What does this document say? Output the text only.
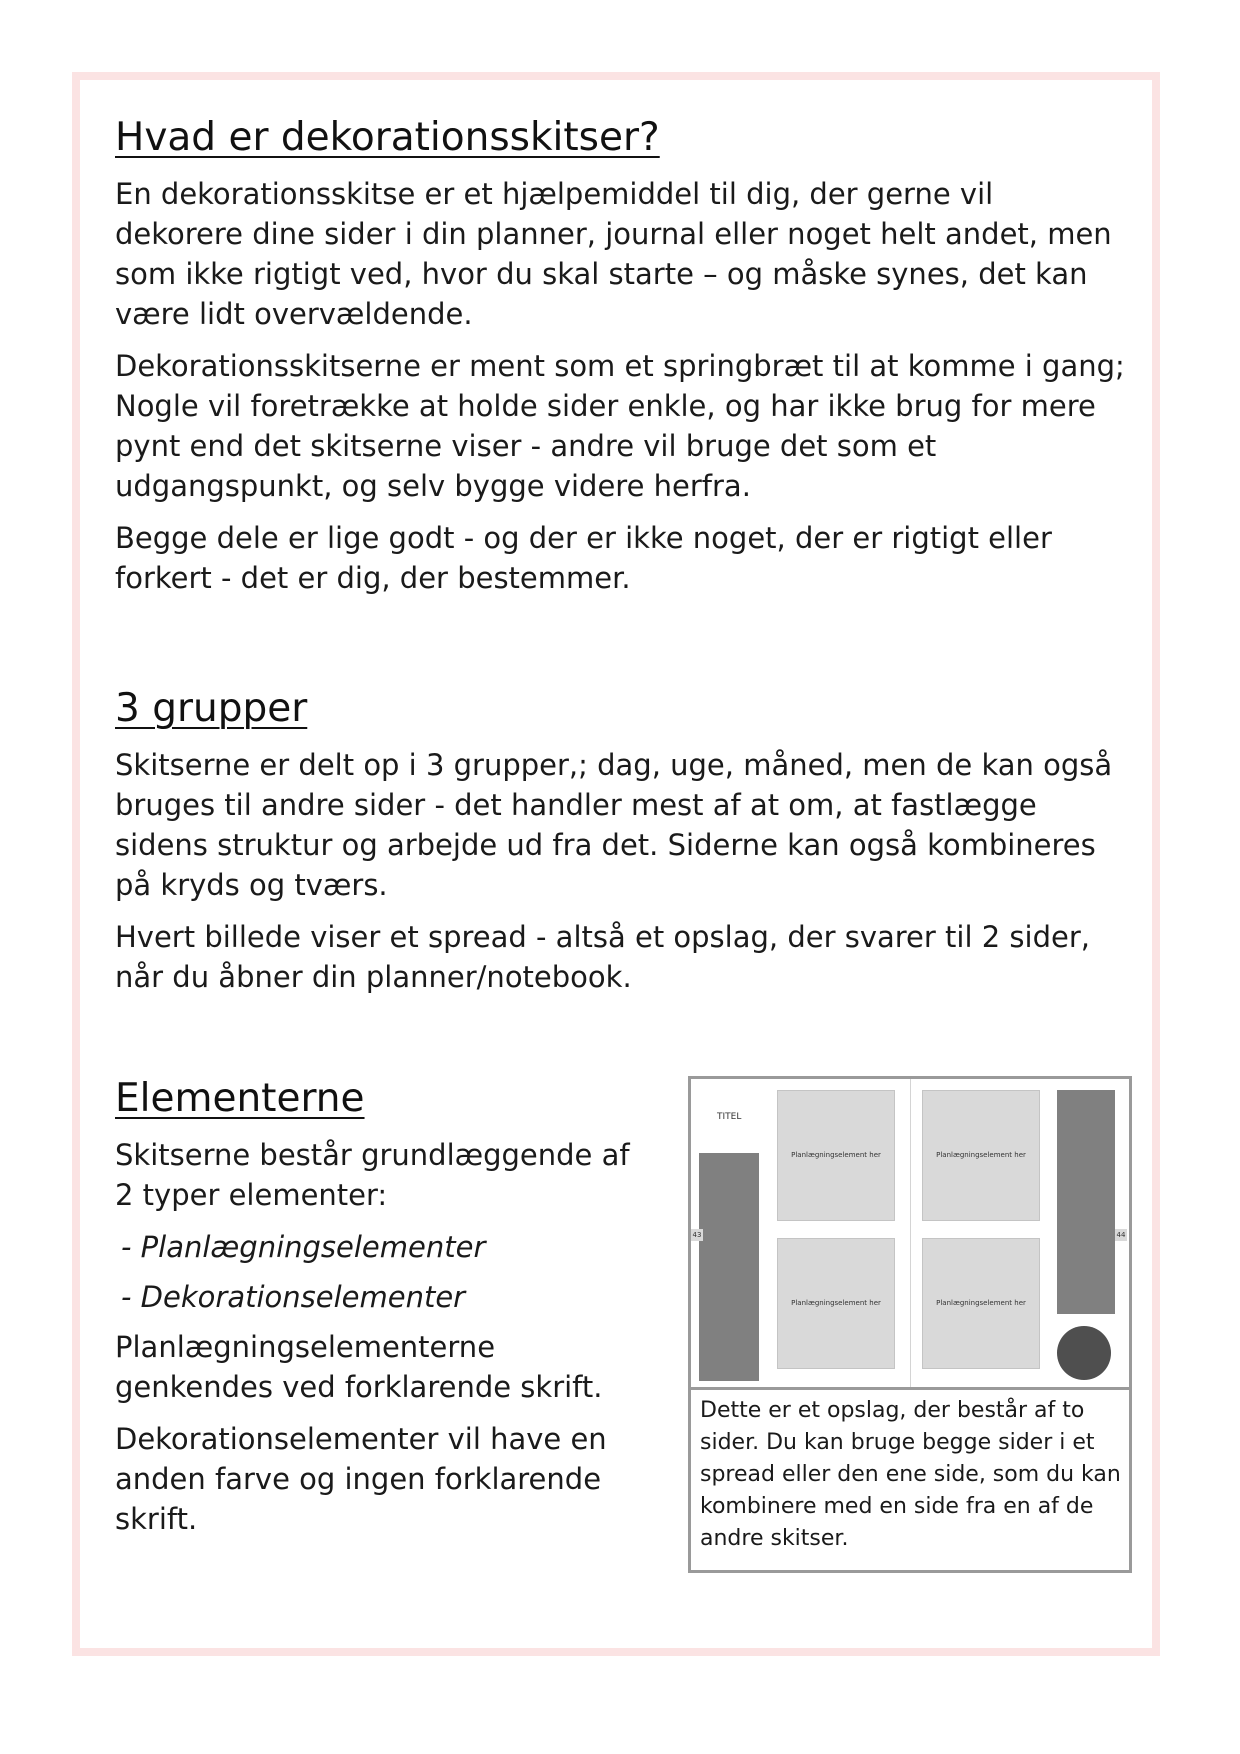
Hvad er dekorationsskitser?

En dekorationsskitse er et hjælpemiddel til dig, der gerne vil dekorere dine sider i din planner, journal eller noget helt andet, men som ikke rigtigt ved, hvor du skal starte – og måske synes, det kan være lidt overvældende.

Dekorationsskitserne er ment som et springbræt til at komme i gang; Nogle vil foretrække at holde sider enkle, og har ikke brug for mere pynt end det skitserne viser - andre vil bruge det som et udgangspunkt, og selv bygge videre herfra.

Begge dele er lige godt - og der er ikke noget, der er rigtigt eller forkert - det er dig, der bestemmer.

3 grupper

Skitserne er delt op i 3 grupper,; dag, uge, måned, men de kan også bruges til andre sider - det handler mest af at om, at fastlægge sidens struktur og arbejde ud fra det. Siderne kan også kombineres på kryds og tværs.

Hvert billede viser et spread - altså et opslag, der svarer til 2 sider, når du åbner din planner/notebook.

Elementerne

Skitserne består grundlæggende af 2 typer elementer:

- Planlægningselementer

- Dekorationselementer

Planlægningselementerne genkendes ved forklarende skrift.

Dekorationselementer vil have en anden farve og ingen forklarende skrift.

TITEL
43
Planlægningselement her	Planlægningselement her
Planlægningselement her	Planlægningselement her
44
Dette er et opslag, der består af to sider. Du kan bruge begge sider i et spread eller den ene side, som du kan kombinere med en side fra en af de andre skitser.
